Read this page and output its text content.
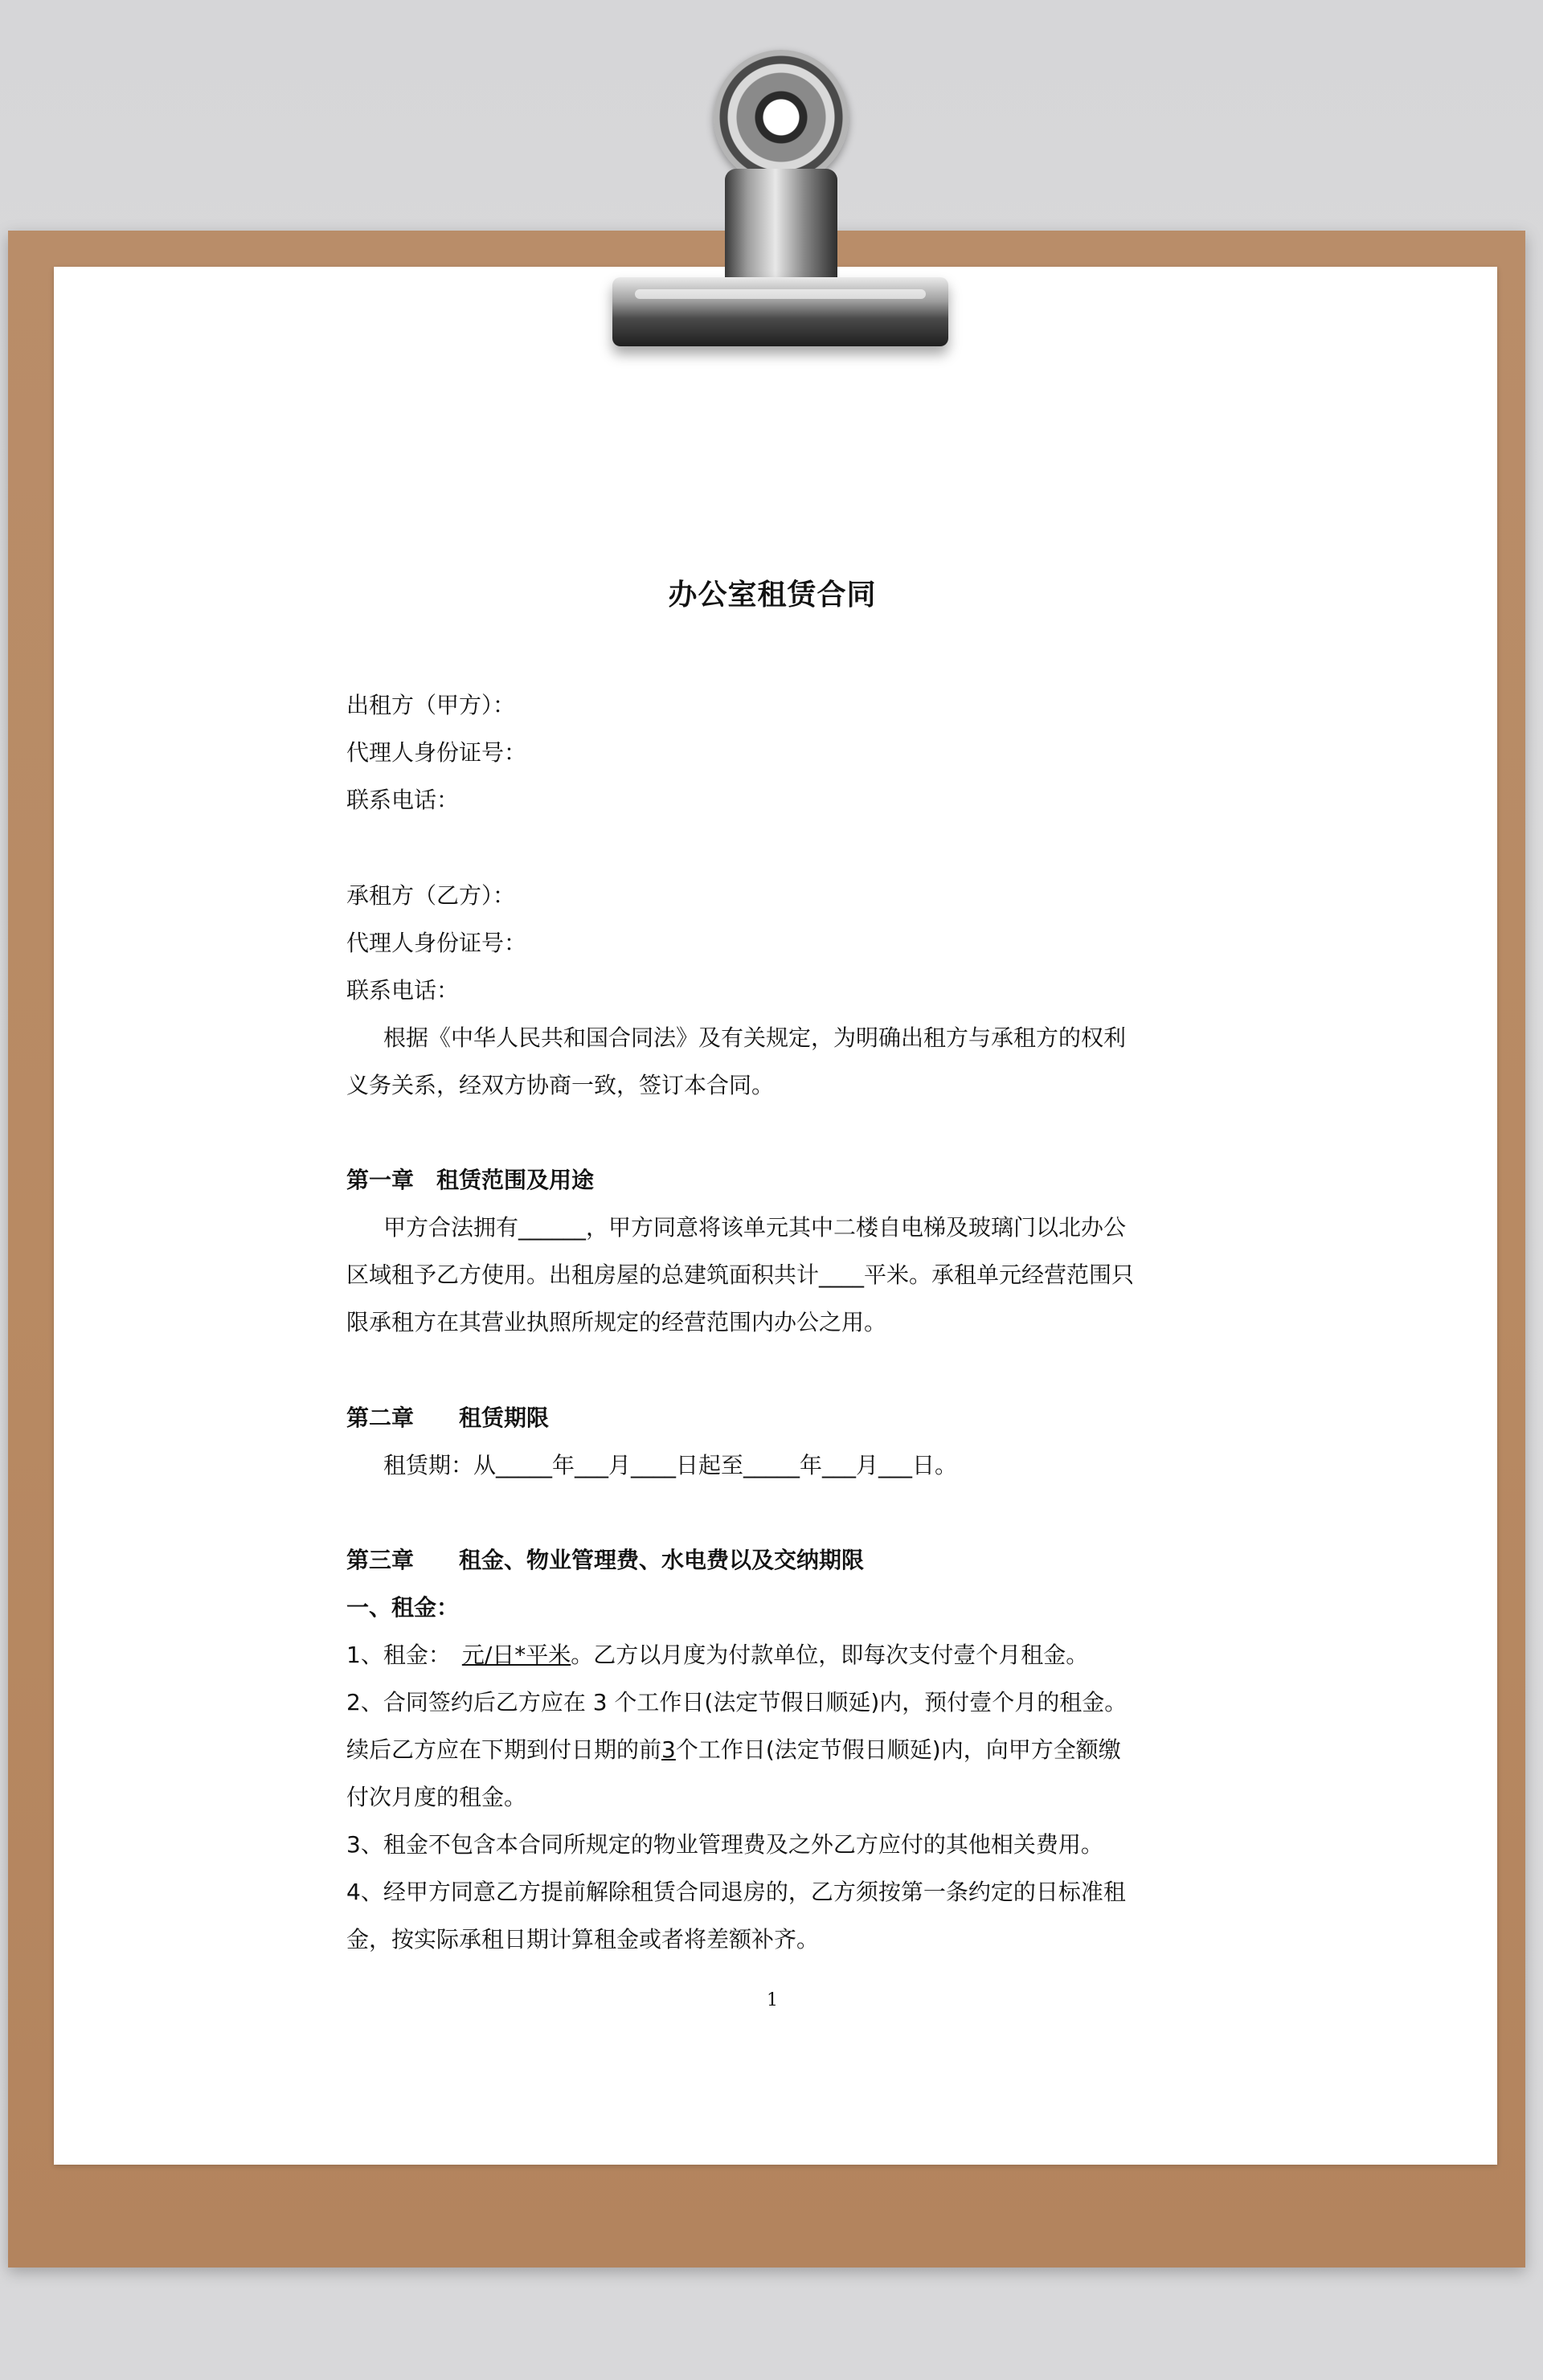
办公室租赁合同
出租方（甲方）：
代理人身份证号：
联系电话：
承租方（乙方）：
代理人身份证号：
联系电话：
根据《中华人民共和国合同法》及有关规定，为明确出租方与承租方的权利
义务关系，经双方协商一致，签订本合同。
第一章　租赁范围及用途
甲方合法拥有______，甲方同意将该单元其中二楼自电梯及玻璃门以北办公
区域租予乙方使用。出租房屋的总建筑面积共计____平米。承租单元经营范围只
限承租方在其营业执照所规定的经营范围内办公之用。
第二章　　租赁期限
租赁期：从_____年___月____日起至_____年___月___日。
第三章　　租金、物业管理费、水电费以及交纳期限
一、租金：
1、租金：　元/日*平米。乙方以月度为付款单位，即每次支付壹个月租金。
2、合同签约后乙方应在 3 个工作日(法定节假日顺延)内，预付壹个月的租金。
续后乙方应在下期到付日期的前3个工作日(法定节假日顺延)内，向甲方全额缴
付次月度的租金。
3、租金不包含本合同所规定的物业管理费及之外乙方应付的其他相关费用。
4、经甲方同意乙方提前解除租赁合同退房的，乙方须按第一条约定的日标准租
金，按实际承租日期计算租金或者将差额补齐。
1
